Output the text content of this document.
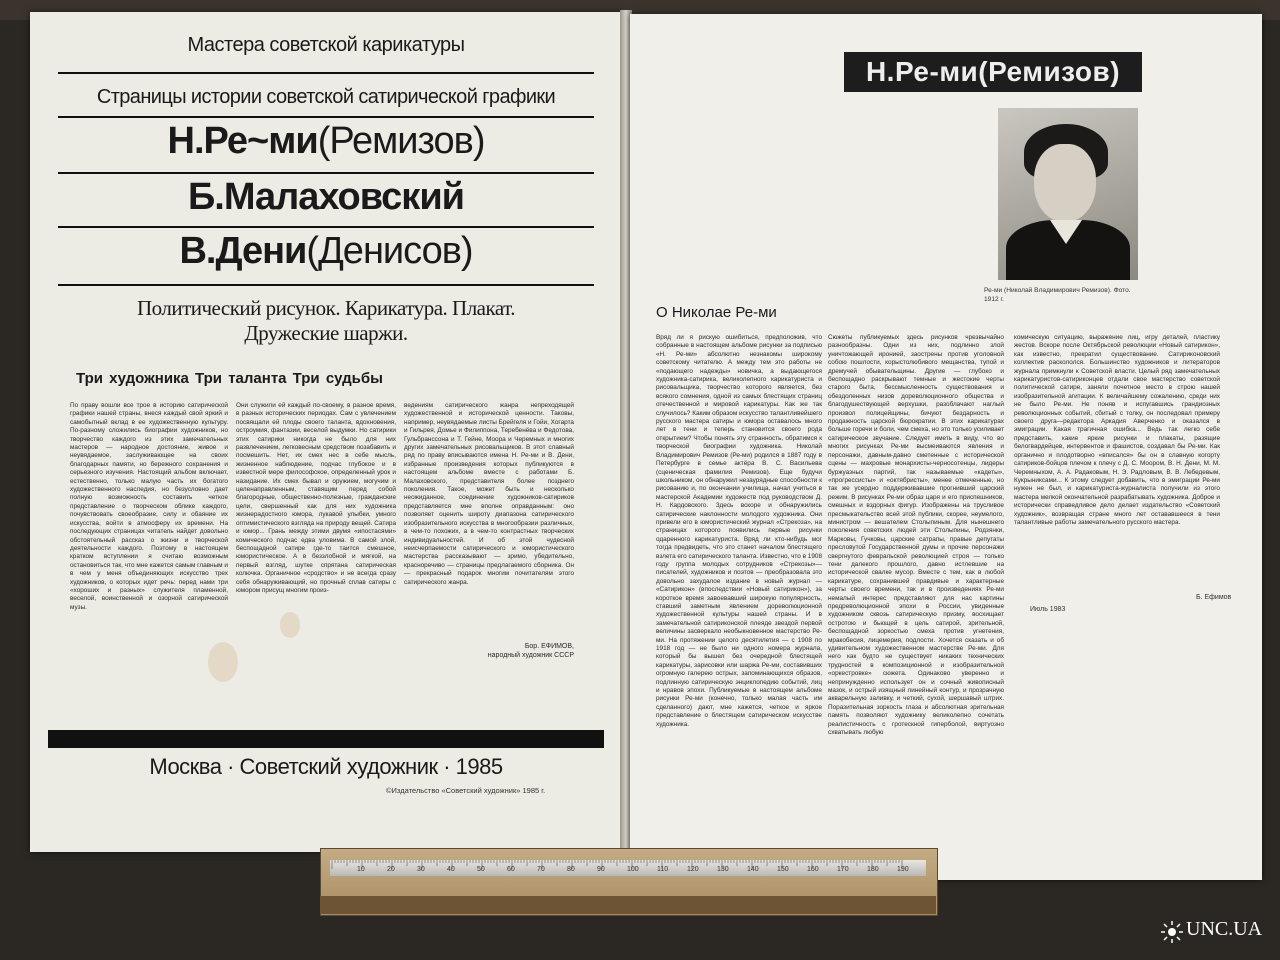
Мастера советской карикатуры
Страницы истории советской сатирической графики
Н.Ре~ми(Ремизов)
Б.Малаховский
В.Дени(Денисов)
Политический рисунок. Карикатура. Плакат.
Дружеские шаржи.
Три художника Три таланта Три судьбы
По праву вошли все трое в историю сатирической графики нашей страны, внеся каждый свой яркий и самобытный вклад в ее художественную культуру. По-разному сложились биографии художников, но творчество каждого из этих замечательных мастеров — народное достояние, живое и неувядаемое, заслуживающее на своих благодарных памяти, но бережного сохранения и серьезного изучения. Настоящий альбом включает, естественно, только малую часть их богатого художественного наследия, но безусловно дает полную возможность составить четкое представление о творческом облике каждого, почувствовать своеобразие, силу и обаяние их искусства, войти в атмосферу их времени. На последующих страницах читатель найдет довольно обстоятельный рассказ о жизни и творческой деятельности каждого. Поэтому в настоящем кратком вступлении я считаю возможным остановиться так, что мне кажется самым главным и в чем у меня объединяющих искусство трех художников, о которых идет речь: перед нами три «хороших и разных» служителя пламенной, веселой, воинственной и озорной сатирической музы.
Они служили ей каждый по-своему, в разное время, в разных исторических периодах. Сам с увлечением посвящали ей плоды своего таланта, вдохновения, остроумия, фантазии, веселой выдумки. Но сатирики этих сатирики никогда не было для них развлечением, легковесным средством позабавить и посмешить. Нет, их смех нес в себе мысль, жизненное наблюдение, подчас глубокое и в известной мере философское, определенный урок и назидание. Их смех бывал и оружием, могучим и целенаправленным, ставящим перед собой благородные, общественно-полезные, гражданские цели, свершенный как для них художника жизнерадостного юмора, лукавой улыбки, умного оптимистического взгляда на природу вещей. Сатира и юмор... Грань между этими двумя «ипостасями» комического подчас едва уловима. В самой злой, беспощадной сатире где-то таится смешное, юмористическое. А в беззлобной и мягкой, на первый взгляд, шутке спрятана сатирическая колючка. Органичное «сродство» и не всегда сразу себя обнаруживающий, но прочный сплав сатиры с юмором присущ многим произ-
ведениям сатирического жанра непреходящей художественной и исторической ценности. Таковы, например, неувядаемые листы Брейгеля и Гойи, Хогарта и Гильрея, Домье и Филиппона, Теребенёва и Федотова, Гульбранссона и Т. Гейне, Моора и Черемных и многих других замечательных рисовальщиков. В этот славный ряд по праву вписываются имена Н. Ре-ми и В. Дени, избранные произведения которых публикуются в настоящем альбоме вместе с работами Б. Малаховского, представителя более позднего поколения. Такое, может быть и несколько неожиданное, соединение художников-сатириков представляется мне вполне оправданным: оно позволяет оценить широту диапазона сатирического изобразительного искусства в многообразии различных, в чем-то похожих, а в чем-то контрастных творческих индивидуальностей. И об этой чудесной неисчерпаемости сатирического и юмористического мастерства рассказывают — зримо, убедительно, красноречиво — страницы предлагаемого сборника. Он — прекрасный подарок многим почитателям этого сатирического жанра.
Бор. ЕФИМОВ,
народный художник СССР
Москва · Советский художник · 1985
©Издательство «Советский художник» 1985 г.
Н.Ре-ми(Ремизов)
Ре-ми (Николай Владимирович Ремизов). Фото. 1912 г.
О Николае Ре-ми
Вряд ли я рискую ошибиться, предположив, что собранные в настоящем альбоме рисунки за подписью «Н. Ре-ми» абсолютно незнакомы широкому советскому читателю. А между тем это работы не «подающего надежды» новичка, а выдающегося художника-сатирика, великолепного карикатуриста и рисовальщика, творчество которого является, без всякого сомнения, одной из самых блестящих страниц отечественной и мировой карикатуры. Как же так случилось? Каким образом искусство талантливейшего русского мастера сатиры и юмора оставалось много лет в тени и теперь становится своего рода открытием? Чтобы понять эту странность, обратимся к творческой биографии художника. Николай Владимирович Ремизов (Ре-ми) родился в 1887 году в Петербурге в семье актёра В. С. Васильева (сценическая фамилия Ремизов). Еще будучи школьником, он обнаружил незаурядные способности к рисованию и, по окончании училища, начал учиться в мастерской Академии художеств под руководством Д. Н. Кардовского. Здесь вскоре и обнаружились сатирические наклонности молодого художника. Они привели его в юмористический журнал «Стрекоза», на страницах которого появились первые рисунки одаренного карикатуриста. Вряд ли кто-нибудь мог тогда предвидеть, что это станет началом блестящего взлета его сатирического таланта. Известно, что в 1908 году группа молодых сотрудников «Стрекозы»—писателей, художников и поэтов — преобразовала это довольно захудалое издание в новый журнал — «Сатирикон» (впоследствии «Новый сатирикон»), за короткое время завоевавший широкую популярность, ставший заметным явлением дореволюционной художественной культуры нашей страны. И в замечательной сатириконской плеяде звездой первой величины засверкало необыкновенное мастерство Ре-ми. На протяжении целого десятилетия — с 1908 по 1918 год — не было ни одного номера журнала, который бы вышел без очередной блестящей карикатуры, зарисовки или шаржа Ре-ми, составивших огромную галерею острых, запоминающихся образов, подлинную сатирическую энциклопедию событий, лиц и нравов эпохи. Публикуемые в настоящем альбоме рисунки Ре-ми (конечно, только малая часть им сделанного) дают, мне кажется, четкое и яркое представление о блестящем сатирическом искусстве художника.
Сюжеты публикуемых здесь рисунков чрезвычайно разнообразны. Одни из них, подлинно злой уничтожающей иронией, заострены против уголовной собою пошлости, корыстолюбивого мещанства, тупой и дремучей обывательщины. Другие — глубоко и беспощадно раскрывают темные и жестокие черты старого быта, бессмысленность существования и обездоленных низов дореволюционного общества и благодушествующей верхушки, разоблачают наглый произвол полицейщины, бичуют бездарность и продажность царской бюрократии. В этих карикатурах больше горечи и боли, чем смеха, но это только усиливает сатирическое звучание. Следует иметь в виду, что во многих рисунках Ре-ми высмеиваются явления и персонажи, давным-давно сметенные с исторической сцены — махровые монархисты-черносотенцы, лидеры буржуазных партий, так называемые «кадеты», «прогрессисты» и «октябристы», менее отмеченные, но так же усердно поддерживавшие прогнивший царский режим. В рисунках Ре-ми образ царя и его приспешников, смешных и вздорных фигур. Изображены на трусливое пресмыкательство всей этой публики, скорее, неумелого, министром — вешателем Столыпиным. Для нынешнего поколения советских людей эти Столыпины, Родзянки, Марковы, Гучковы, царские сатрапы, правые депутаты пресловутой Государственной думы и прочие персонажи свергнутого февральской революцией строя — только тени далекого прошлого, давно истлевшие на исторической свалке мусор. Вместе с тем, как в любой карикатуре, сохранившей правдивые и характерные черты своего времени, так и в произведениях Ре-ми немалый интерес представляют для нас картины предреволюционной эпохи в России, увиденные художником сквозь сатирическую призму, восхищает остротою и бьющей в цель сатирой, зрительной, беспощадной зоркостью смеха против угнетения, мракобесия, лицемерия, подлости. Хочется сказать и об удивительном художественном мастерстве Ре-ми. Для него как будто не существует никаких технических трудностей в композиционной и изобразительной «оркестровке» сюжета. Одинаково уверенно и непринужденно использует он и сочный живописный мазок, и острый изящный линейный контур, и прозрачную акварельную заливку, и четкий, сухой, шершавый штрих. Поразительная зоркость глаза и абсолютная зрительная память позволяют художнику великолепно сочетать реалистичность с гротескной гиперболой, виртуозно схватывать любую
комическую ситуацию, выражение лиц, игру деталей, пластику жестов. Вскоре после Октябрьской революции «Новый сатирикон», как известно, прекратил существование. Сатириконовский коллектив раскололся. Большинство художников и литераторов журнала примкнули к Советской власти. Целый ряд замечательных карикатуристов-сатириконцев отдали свое мастерство советской политической сатире, заняли почетное место в строю нашей изобразительной агитации. К величайшему сожалению, среди них не было Ре-ми. Не поняв и испугавшись грандиозных революционных событий, сбитый с толку, он последовал примеру своего друга—редактора Аркадия Аверченко и оказался в эмиграции. Какая трагичная ошибка... Ведь так легко себе представить, какие яркие рисунки и плакаты, разящие белогвардейцев, интервентов и фашистов, создавал бы Ре-ми. Как органично и плодотворно «вписался» бы он в славную когорту сатириков-бойцов плечом к плечу с Д. С. Моором, В. Н. Дени, М. М. Черемныхом, А. А. Радаковым, Н. Э. Радловым, В. В. Лебедевым, Кукрыниксами... К этому следует добавить, что в эмиграции Ре-ми нужен не был, и карикатуриста-журналиста получили из этого мастера мелкой окончательной разрабатывать художника. Доброе и исторически справедливое дело делает издательство «Советский художник», возвращая стране много лет остававшееся в тени талантливые работы замечательного русского мастера.
Июль 1983
Б. Ефимов
10	20	30	40	50	60	70	80	90	100	110	120	130	140	150	160	170	180	190
UNC.UA
